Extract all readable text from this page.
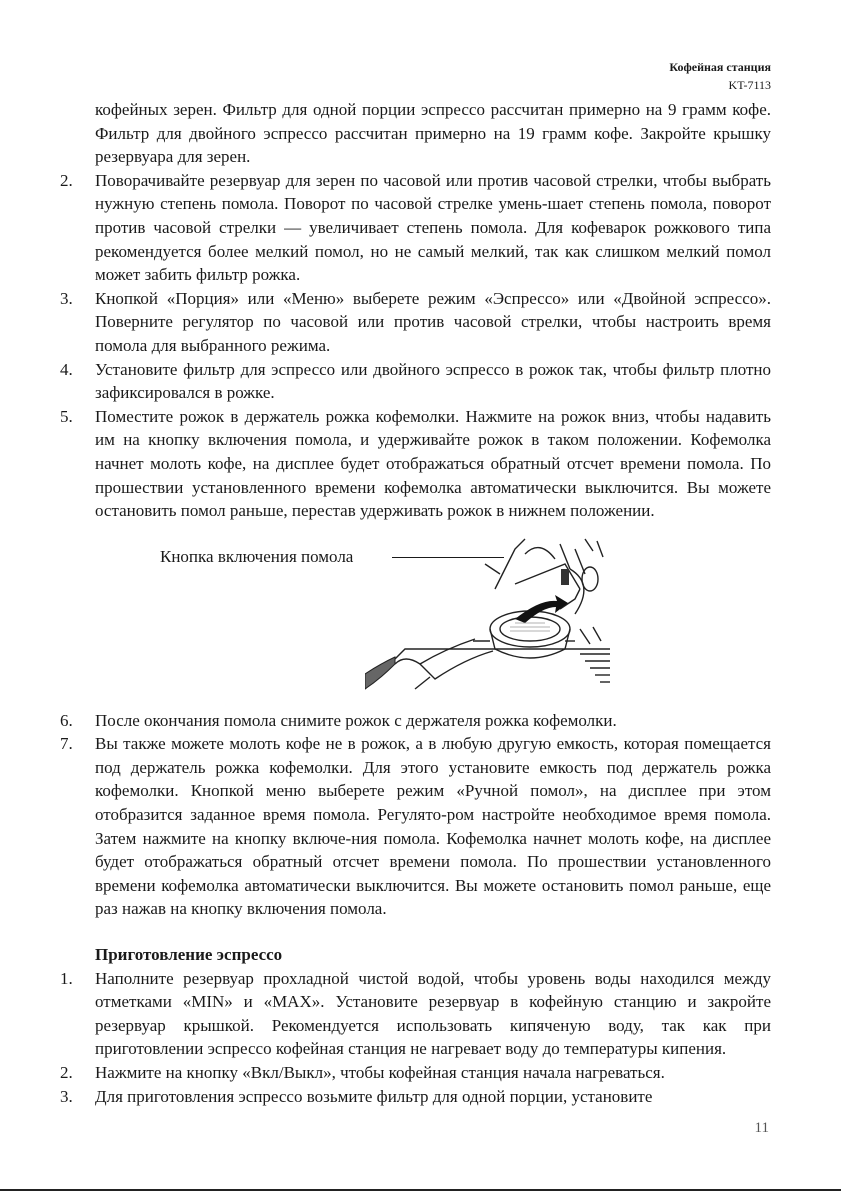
Кофейная станция
KT-7113

кофейных зерен. Фильтр для одной порции эспрессо рассчитан примерно на 9 грамм кофе. Фильтр для двойного эспрессо рассчитан примерно на 19 грамм кофе. Закройте крышку резервуара для зерен.

2. Поворачивайте резервуар для зерен по часовой или против часовой стрелки, чтобы выбрать нужную степень помола. Поворот по часовой стрелке умень-шает степень помола, поворот против часовой стрелки — увеличивает степень помола. Для кофеварок рожкового типа рекомендуется более мелкий помол, но не самый мелкий, так как слишком мелкий помол может забить фильтр рожка.
3. Кнопкой «Порция» или «Меню» выберете режим «Эспрессо» или «Двойной эспрессо». Поверните регулятор по часовой или против часовой стрелки, чтобы настроить время помола для выбранного режима.
4. Установите фильтр для эспрессо или двойного эспрессо в рожок так, чтобы фильтр плотно зафиксировался в рожке.
5. Поместите рожок в держатель рожка кофемолки. Нажмите на рожок вниз, чтобы надавить им на кнопку включения помола, и удерживайте рожок в таком положении. Кофемолка начнет молоть кофе, на дисплее будет отображаться обратный отсчет времени помола. По прошествии установленного времени кофемолка автоматически выключится. Вы можете остановить помол раньше, перестав удерживать рожок в нижнем положении.
Кнопка включения помола
6. После окончания помола снимите рожок с держателя рожка кофемолки.
7. Вы также можете молоть кофе не в рожок, а в любую другую емкость, которая помещается под держатель рожка кофемолки. Для этого установите емкость под держатель рожка кофемолки. Кнопкой меню выберете режим «Ручной помол», на дисплее при этом отобразится заданное время помола. Регулято-ром настройте необходимое время помола. Затем нажмите на кнопку включе-ния помола. Кофемолка начнет молоть кофе, на дисплее будет отображаться обратный отсчет времени помола. По прошествии установленного времени кофемолка автоматически выключится. Вы можете остановить помол раньше, еще раз нажав на кнопку включения помола.
Приготовление эспрессо
1. Наполните резервуар прохладной чистой водой, чтобы уровень воды находился между отметками «MIN» и «MAX». Установите резервуар в кофейную станцию и закройте резервуар крышкой. Рекомендуется использовать кипяченую воду, так как при приготовлении эспрессо кофейная станция не нагревает воду до температуры кипения.
2. Нажмите на кнопку «Вкл/Выкл», чтобы кофейная станция начала нагреваться.
3. Для приготовления эспрессо возьмите фильтр для одной порции, установите
11
